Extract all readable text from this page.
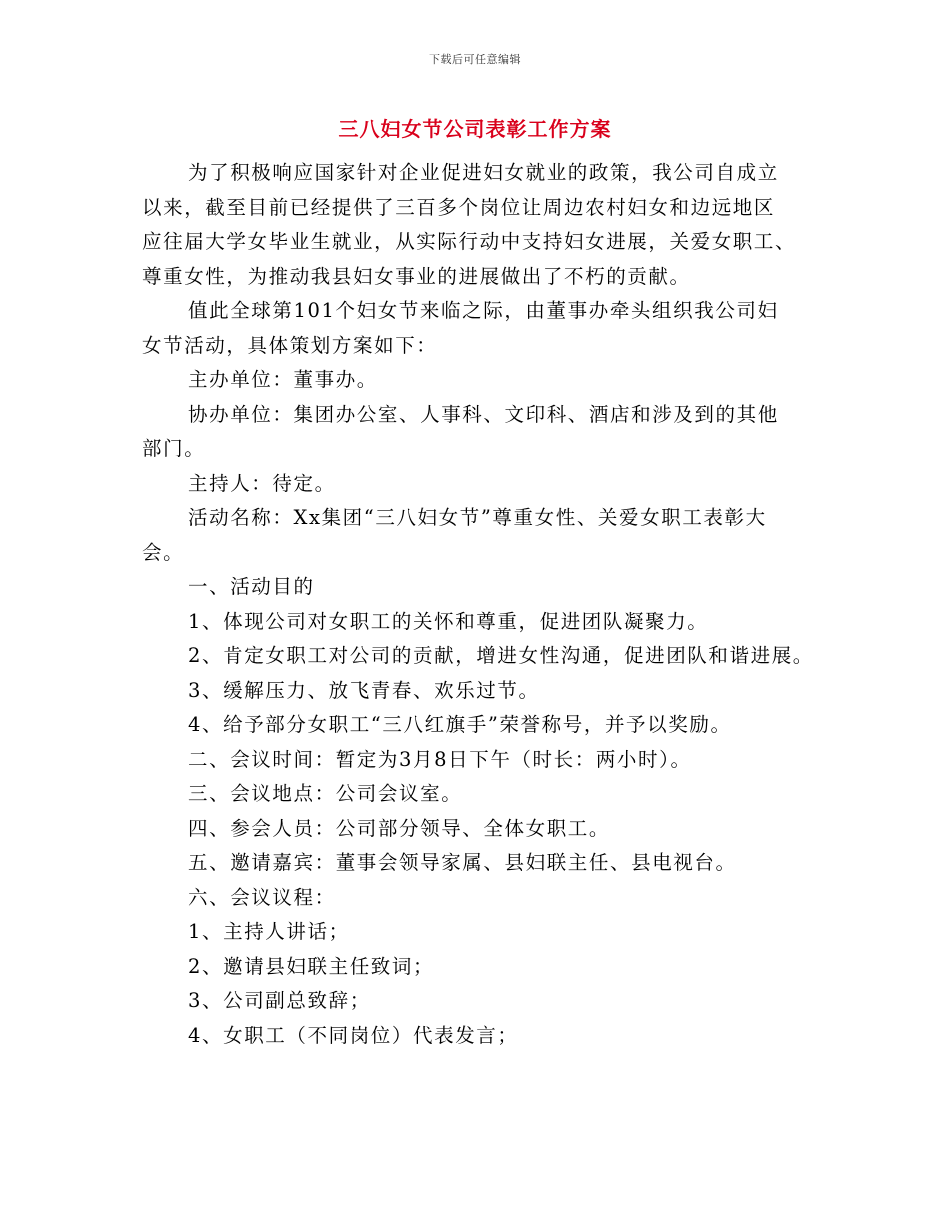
下载后可任意编辑
三八妇女节公司表彰工作方案

为了积极响应国家针对企业促进妇女就业的政策，我公司自成立

以来，截至目前已经提供了三百多个岗位让周边农村妇女和边远地区

应往届大学女毕业生就业，从实际行动中支持妇女进展，关爱女职工、

尊重女性，为推动我县妇女事业的进展做出了不朽的贡献。

值此全球第101个妇女节来临之际，由董事办牵头组织我公司妇

女节活动，具体策划方案如下：

主办单位：董事办。

协办单位：集团办公室、人事科、文印科、酒店和涉及到的其他

部门。

主持人：待定。

活动名称：Xx集团“三八妇女节”尊重女性、关爱女职工表彰大

会。

一、活动目的

1、体现公司对女职工的关怀和尊重，促进团队凝聚力。

2、肯定女职工对公司的贡献，增进女性沟通，促进团队和谐进展。

3、缓解压力、放飞青春、欢乐过节。

4、给予部分女职工“三八红旗手”荣誉称号，并予以奖励。

二、会议时间：暂定为3月8日下午（时长：两小时）。

三、会议地点：公司会议室。

四、参会人员：公司部分领导、全体女职工。

五、邀请嘉宾：董事会领导家属、县妇联主任、县电视台。

六、会议议程：

1、主持人讲话；

2、邀请县妇联主任致词；

3、公司副总致辞；

4、女职工（不同岗位）代表发言；
